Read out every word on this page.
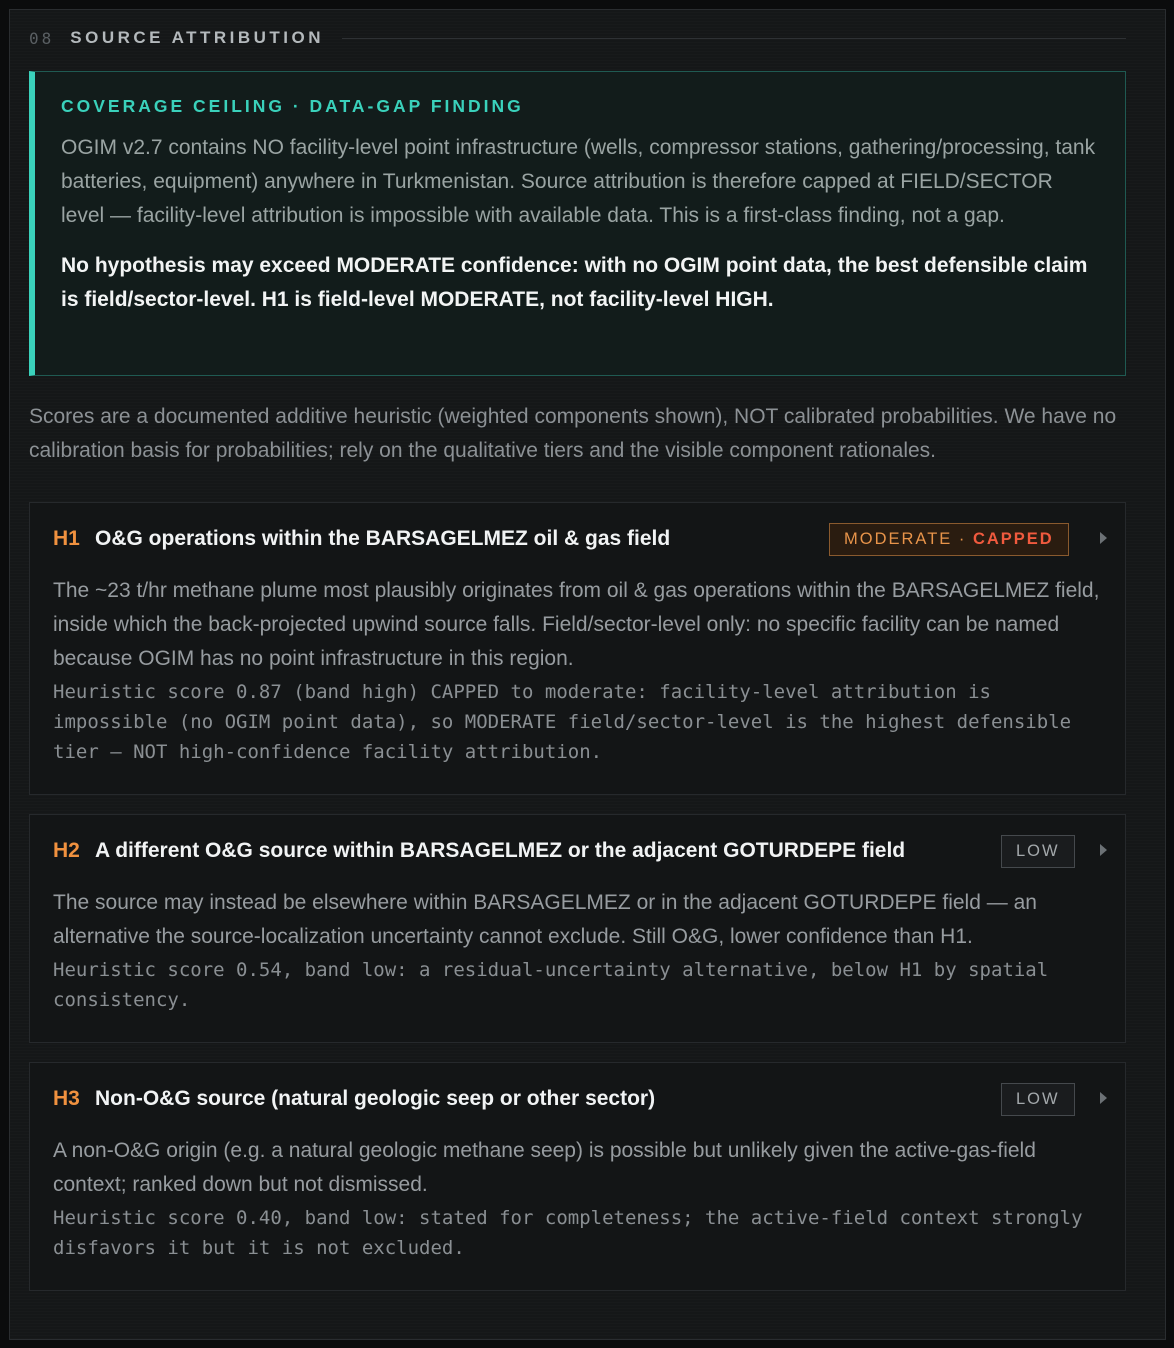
08 SOURCE ATTRIBUTION
COVERAGE CEILING · DATA-GAP FINDING
OGIM v2.7 contains NO facility-level point infrastructure (wells, compressor stations, gathering/processing, tank batteries, equipment) anywhere in Turkmenistan. Source attribution is therefore capped at FIELD/SECTOR level — facility-level attribution is impossible with available data. This is a first-class finding, not a gap.
No hypothesis may exceed MODERATE confidence: with no OGIM point data, the best defensible claim is field/sector-level. H1 is field-level MODERATE, not facility-level HIGH.
Scores are a documented additive heuristic (weighted components shown), NOT calibrated probabilities. We have no calibration basis for probabilities; rely on the qualitative tiers and the visible component rationales.
H1 O&G operations within the BARSAGELMEZ oil & gas field	MODERATE · CAPPED
The ~23 t/hr methane plume most plausibly originates from oil & gas operations within the BARSAGELMEZ field, inside which the back-projected upwind source falls. Field/sector-level only: no specific facility can be named because OGIM has no point infrastructure in this region.
Heuristic score 0.87 (band high) CAPPED to moderate: facility-level attribution is impossible (no OGIM point data), so MODERATE field/sector-level is the highest defensible tier — NOT high-confidence facility attribution.
H2 A different O&G source within BARSAGELMEZ or the adjacent GOTURDEPE field	LOW
The source may instead be elsewhere within BARSAGELMEZ or in the adjacent GOTURDEPE field — an alternative the source-localization uncertainty cannot exclude. Still O&G, lower confidence than H1.
Heuristic score 0.54, band low: a residual-uncertainty alternative, below H1 by spatial consistency.
H3 Non-O&G source (natural geologic seep or other sector)	LOW
A non-O&G origin (e.g. a natural geologic methane seep) is possible but unlikely given the active-gas-field context; ranked down but not dismissed.
Heuristic score 0.40, band low: stated for completeness; the active-field context strongly disfavors it but it is not excluded.
